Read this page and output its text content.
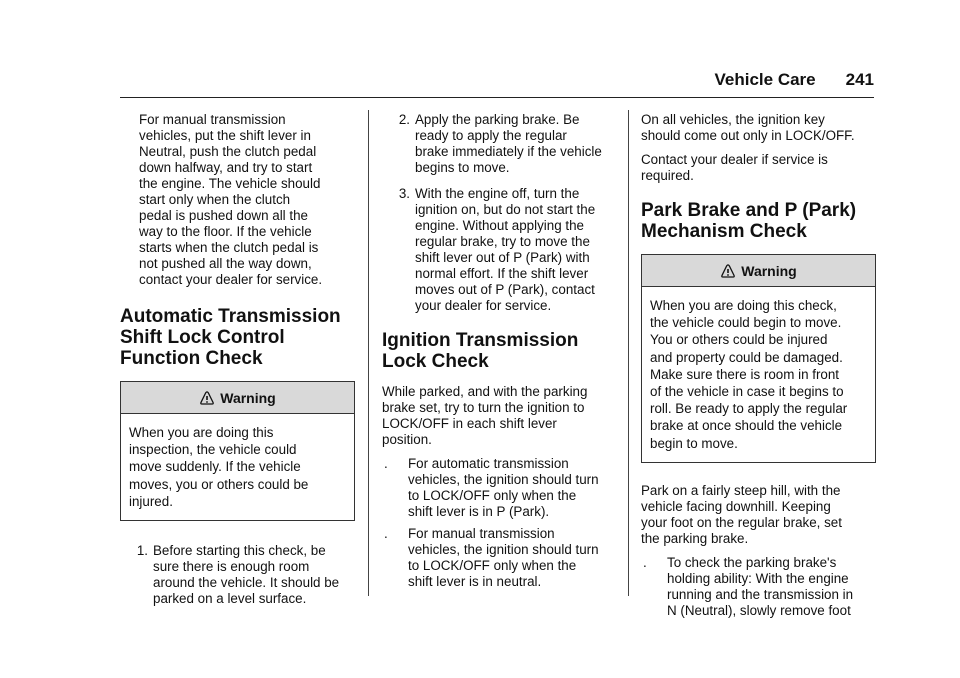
Vehicle Care 241

For manual transmission
vehicles, put the shift lever in
Neutral, push the clutch pedal
down halfway, and try to start
the engine. The vehicle should
start only when the clutch
pedal is pushed down all the
way to the floor. If the vehicle
starts when the clutch pedal is
not pushed all the way down,
contact your dealer for service.

Automatic Transmission
Shift Lock Control
Function Check
Warning
When you are doing this
inspection, the vehicle could
move suddenly. If the vehicle
moves, you or others could be
injured.
1. Before starting this check, be
sure there is enough room
around the vehicle. It should be
parked on a level surface.
2. Apply the parking brake. Be
ready to apply the regular
brake immediately if the vehicle
begins to move.
3. With the engine off, turn the
ignition on, but do not start the
engine. Without applying the
regular brake, try to move the
shift lever out of P (Park) with
normal effort. If the shift lever
moves out of P (Park), contact
your dealer for service.
Ignition Transmission
Lock Check

While parked, and with the parking
brake set, try to turn the ignition to
LOCK/OFF in each shift lever
position.

.	For automatic transmission
vehicles, the ignition should turn
to LOCK/OFF only when the
shift lever is in P (Park).
.	For manual transmission
vehicles, the ignition should turn
to LOCK/OFF only when the
shift lever is in neutral.

On all vehicles, the ignition key
should come out only in LOCK/OFF.

Contact your dealer if service is
required.

Park Brake and P (Park)
Mechanism Check
Warning
When you are doing this check,
the vehicle could begin to move.
You or others could be injured
and property could be damaged.
Make sure there is room in front
of the vehicle in case it begins to
roll. Be ready to apply the regular
brake at once should the vehicle
begin to move.

Park on a fairly steep hill, with the
vehicle facing downhill. Keeping
your foot on the regular brake, set
the parking brake.

.	To check the parking brake's
holding ability: With the engine
running and the transmission in
N (Neutral), slowly remove foot
